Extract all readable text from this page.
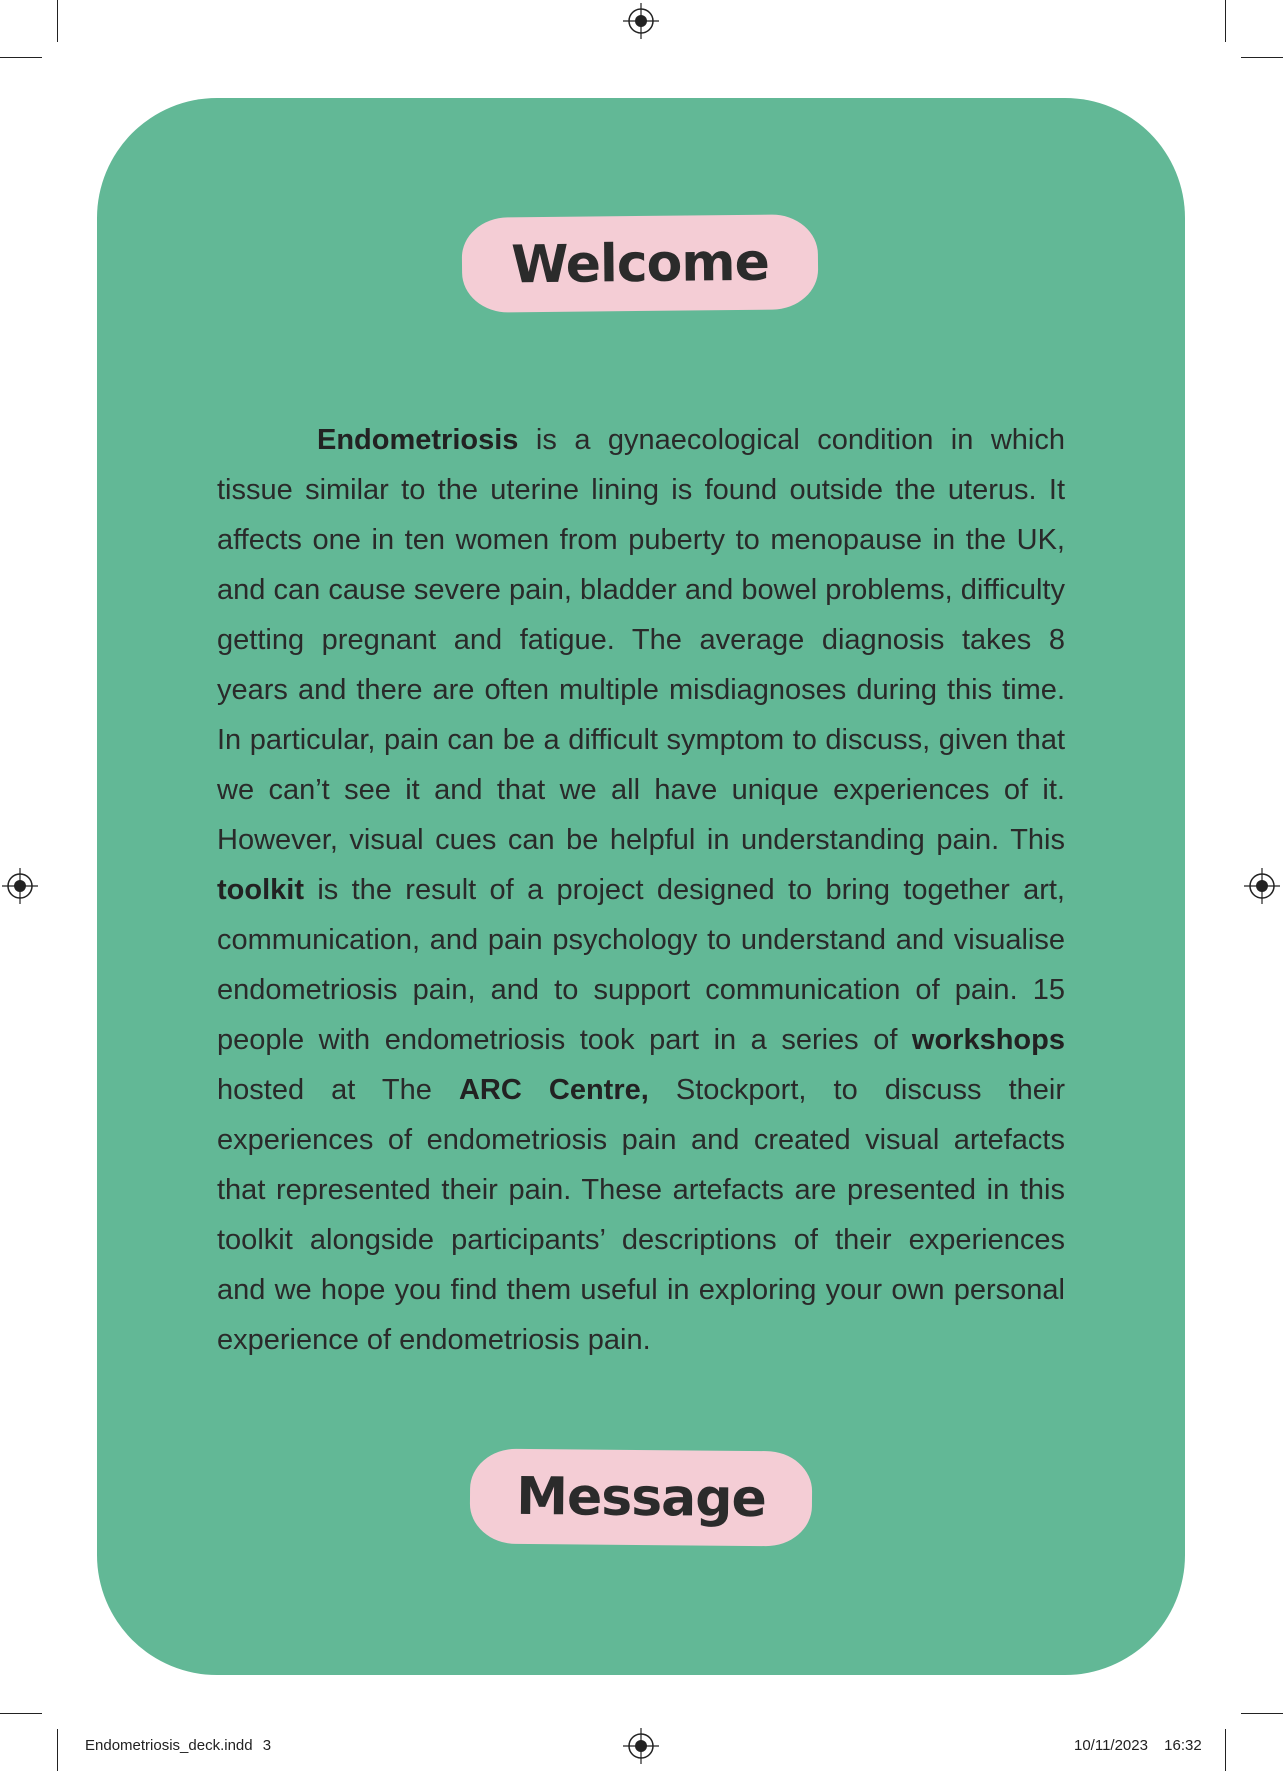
Welcome

Endometriosis is a gynaecological condition in which tissue similar to the uterine lining is found outside the uterus. It affects one in ten women from puberty to menopause in the UK, and can cause severe pain, bladder and bowel problems, difficulty getting pregnant and fatigue. The average diagnosis takes 8 years and there are often multiple misdiagnoses during this time. In particular, pain can be a difficult symptom to discuss, given that we can’t see it and that we all have unique experiences of it. However, visual cues can be helpful in understanding pain. This toolkit is the result of a project designed to bring together art, communication, and pain psychology to understand and visualise endometriosis pain, and to support communication of pain. 15 people with endometriosis took part in a series of workshops hosted at The ARC Centre, Stockport, to discuss their experiences of endometriosis pain and created visual artefacts that represented their pain. These artefacts are presented in this toolkit alongside participants’ descriptions of their experiences and we hope you find them useful in exploring your own personal experience of endometriosis pain.

Message
Endometriosis_deck.indd 3	10/11/2023 16:32
